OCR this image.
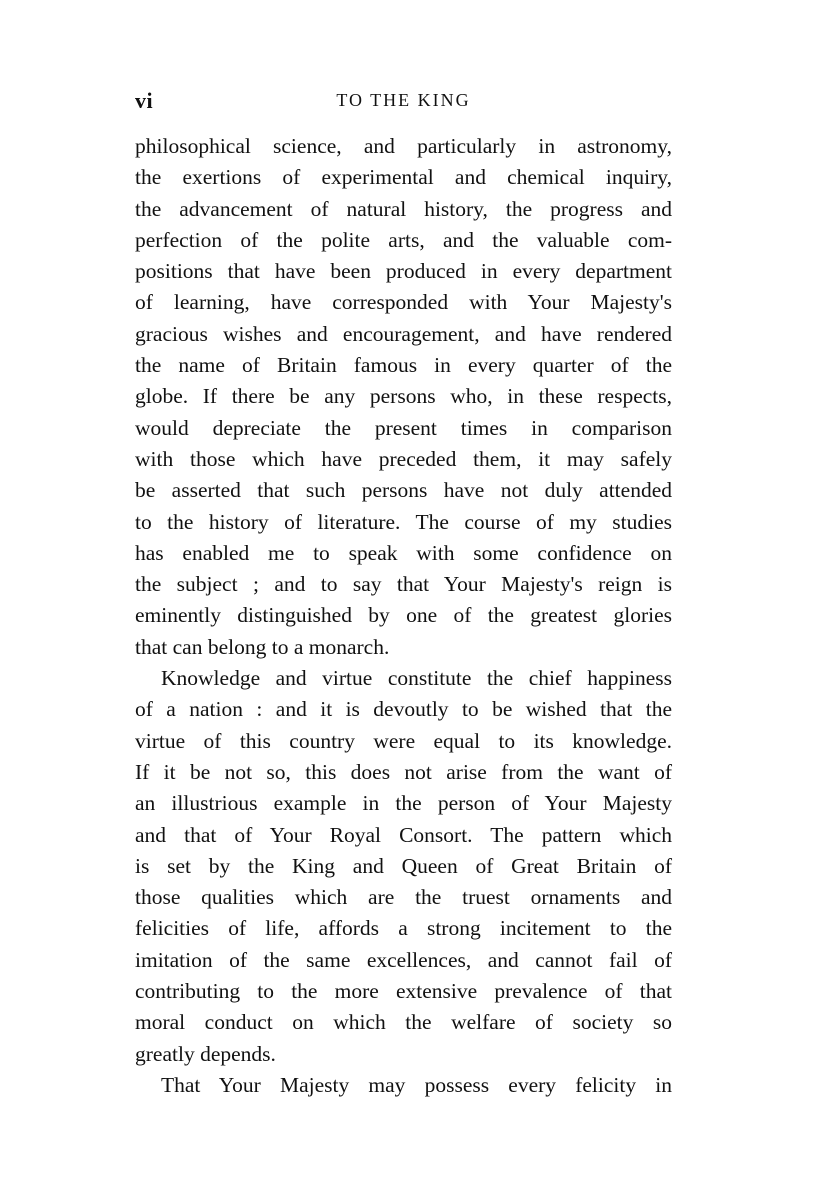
vi	TO THE KING
philosophical science, and particularly in astronomy,
the exertions of experimental and chemical inquiry,
the advancement of natural history, the progress and
perfection of the polite arts, and the valuable com-
positions that have been produced in every department
of learning, have corresponded with Your Majesty's
gracious wishes and encouragement, and have rendered
the name of Britain famous in every quarter of the
globe. If there be any persons who, in these respects,
would depreciate the present times in comparison
with those which have preceded them, it may safely
be asserted that such persons have not duly attended
to the history of literature. The course of my studies
has enabled me to speak with some confidence on
the subject ; and to say that Your Majesty's reign is
eminently distinguished by one of the greatest glories
that can belong to a monarch.
Knowledge and virtue constitute the chief happiness
of a nation : and it is devoutly to be wished that the
virtue of this country were equal to its knowledge.
If it be not so, this does not arise from the want of
an illustrious example in the person of Your Majesty
and that of Your Royal Consort. The pattern which
is set by the King and Queen of Great Britain of
those qualities which are the truest ornaments and
felicities of life, affords a strong incitement to the
imitation of the same excellences, and cannot fail of
contributing to the more extensive prevalence of that
moral conduct on which the welfare of society so
greatly depends.
That Your Majesty may possess every felicity in
